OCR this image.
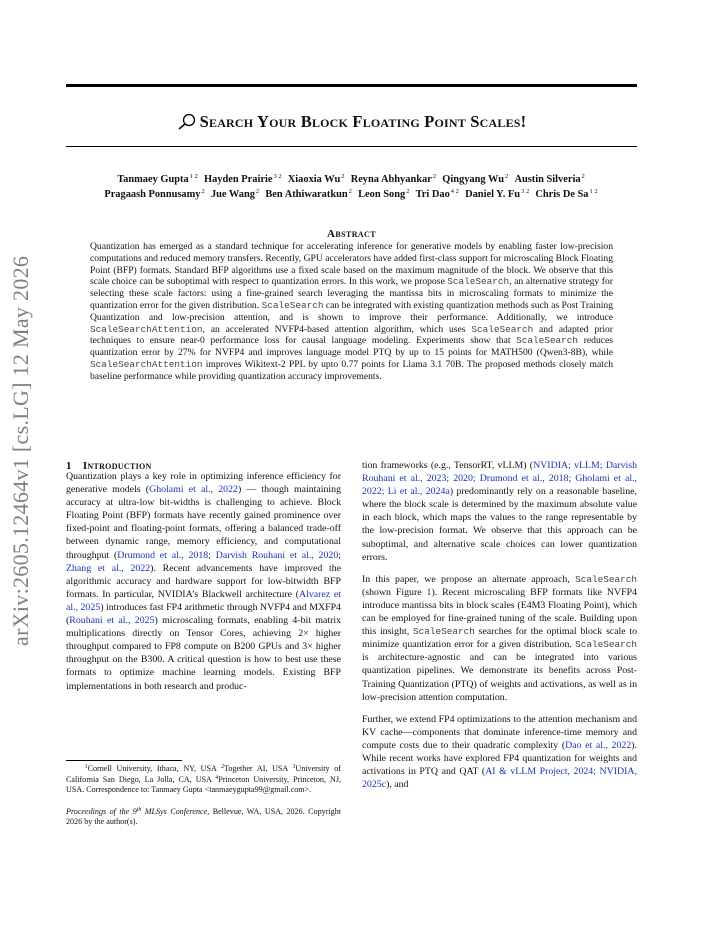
arXiv:2605.12464v1 [cs.LG] 12 May 2026
Search Your Block Floating Point Scales!
Tanmaey Gupta$^{1 2}$  Hayden Prairie$^{3 2}$  Xiaoxia Wu$^2$  Reyna Abhyankar$^2$  Qingyang Wu$^2$  Austin Silveria$^2$
Pragaash Ponnusamy$^2$  Jue Wang$^2$  Ben Athiwaratkun$^2$  Leon Song$^2$  Tri Dao$^{4 2}$  Daniel Y. $Fu^{3 2}$  Chris De $Sa^{1 2}$
Abstract
Quantization has emerged as a standard technique for accelerating inference for generative models by enabling faster low-precision computations and reduced memory transfers. Recently, GPU accelerators have added first-class support for microscaling Block Floating Point (BFP) formats. Standard BFP algorithms use a fixed scale based on the maximum magnitude of the block. We observe that this scale choice can be suboptimal with respect to quantization errors. In this work, we propose ScaleSearch, an alternative strategy for selecting these scale factors: using a fine-grained search leveraging the mantissa bits in microscaling formats to minimize the quantization error for the given distribution. ScaleSearch can be integrated with existing quantization methods such as Post Training Quantization and low-precision attention, and is shown to improve their performance. Additionally, we introduce ScaleSearchAttention, an accelerated NVFP4-based attention algorithm, which uses ScaleSearch and adapted prior techniques to ensure near-0 performance loss for causal language modeling. Experiments show that ScaleSearch reduces quantization error by 27% for NVFP4 and improves language model PTQ by up to 15 points for MATH500 (Qwen3-8B), while ScaleSearchAttention improves Wikitext-2 PPL by upto 0.77 points for Llama 3.1 70B. The proposed methods closely match baseline performance while providing quantization accuracy improvements.
1 Introduction

Quantization plays a key role in optimizing inference efficiency for generative models (Gholami et al., 2022) — though maintaining accuracy at ultra-low bit-widths is challenging to achieve. Block Floating Point (BFP) formats have recently gained prominence over fixed-point and floating-point formats, offering a balanced trade-off between dynamic range, memory efficiency, and computational throughput (Drumond et al., 2018; Darvish Rouhani et al., 2020; Zhang et al., 2022). Recent advancements have improved the algorithmic accuracy and hardware support for low-bitwidth BFP formats. In particular, NVIDIA’s Blackwell architecture (Alvarez et al., 2025) introduces fast FP4 arithmetic through NVFP4 and MXFP4 (Rouhani et al., 2025) microscaling formats, enabling 4-bit matrix multiplications directly on Tensor Cores, achieving 2× higher throughput compared to FP8 compute on B200 GPUs and 3× higher throughput on the B300. A critical question is how to best use these formats to optimize machine learning models. Existing BFP implementations in both research and produc-

$^1$Cornell University, Ithaca, NY, USA $^2$Together AI, USA $^3$University of California San Diego, La Jolla, CA, USA $^4$Princeton University, Princeton, NJ, USA. Correspondence to: Tanmaey Gupta <tanmaeygupta99@gmail.com>.

Proceedings of the 9th MLSys Conference, Bellevue, WA, USA, 2026. Copyright 2026 by the author(s).

tion frameworks (e.g., TensorRT, vLLM) (NVIDIA; vLLM; Darvish Rouhani et al., 2023; 2020; Drumond et al., 2018; Gholami et al., 2022; Li et al., 2024a) predominantly rely on a reasonable baseline, where the block scale is determined by the maximum absolute value in each block, which maps the values to the range representable by the low-precision format. We observe that this approach can be suboptimal, and alternative scale choices can lower quantization errors.

In this paper, we propose an alternate approach, ScaleSearch (shown Figure 1). Recent microscaling BFP formats like NVFP4 introduce mantissa bits in block scales (E4M3 Floating Point), which can be employed for fine-grained tuning of the scale. Building upon this insight, ScaleSearch searches for the optimal block scale to minimize quantization error for a given distribution. ScaleSearch is architecture-agnostic and can be integrated into various quantization pipelines. We demonstrate its benefits across Post-Training Quantization (PTQ) of weights and activations, as well as in low-precision attention computation.

Further, we extend FP4 optimizations to the attention mechanism and KV cache—components that dominate inference-time memory and compute costs due to their quadratic complexity (Dao et al., 2022). While recent works have explored FP4 quantization for weights and activations in PTQ and QAT (AI & vLLM Project, 2024; NVIDIA, 2025c), and
